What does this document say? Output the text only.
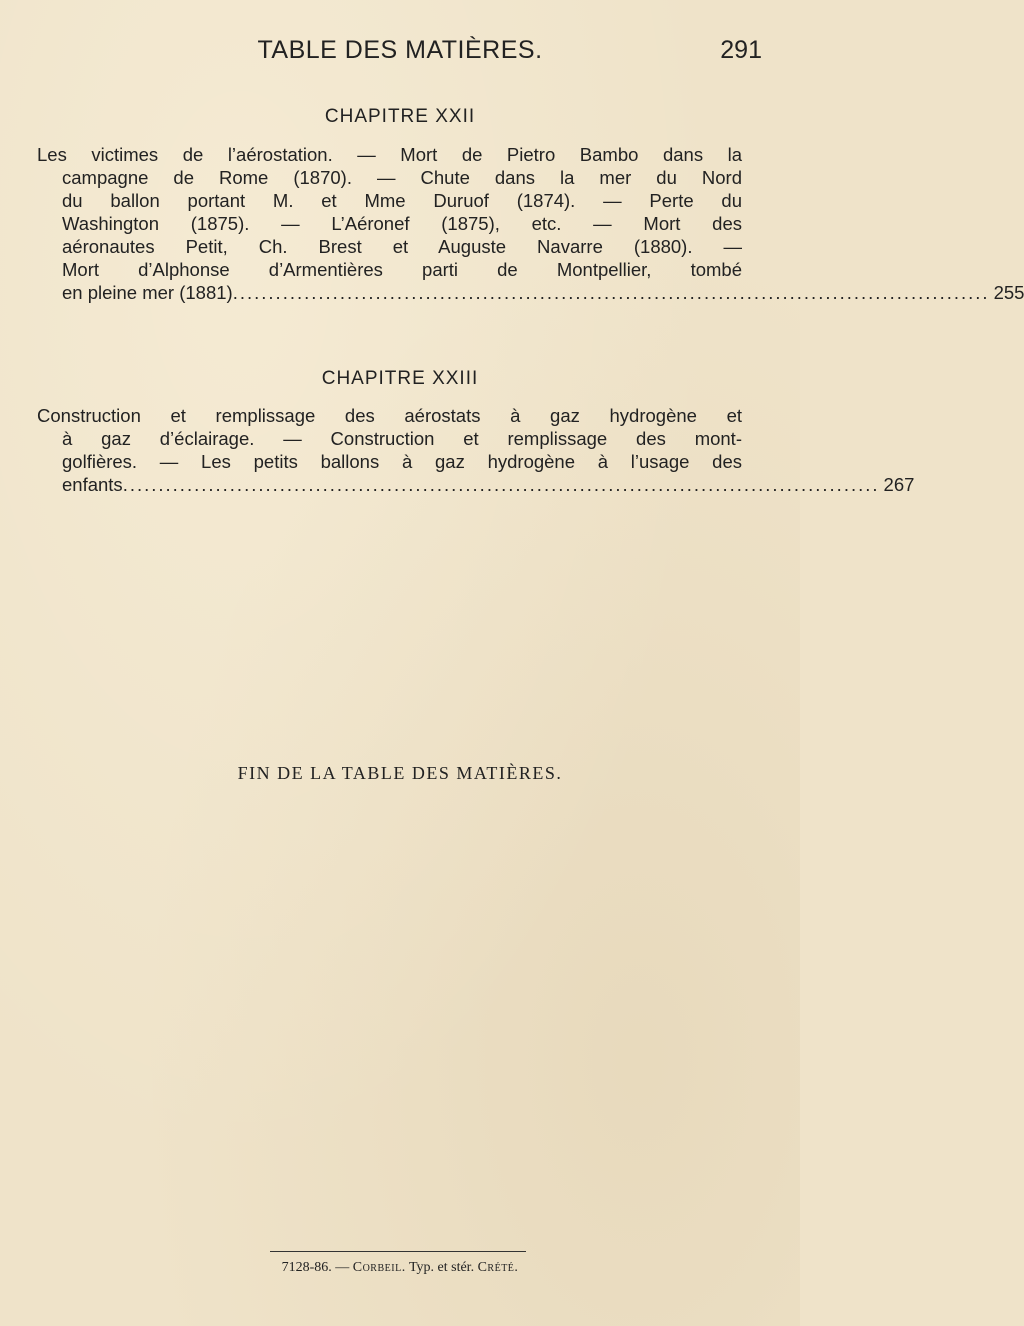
TABLE DES MATIÈRES.	291
CHAPITRE XXII
Les victimes de l’aérostation. — Mort de Pietro Bambo dans la
campagne de Rome (1870). — Chute dans la mer du Nord
du ballon portant M. et Mme Duruof (1874). — Perte du
Washington (1875). — L’Aéronef (1875), etc. — Mort des
aéronautes Petit, Ch. Brest et Auguste Navarre (1880). —
Mort d’Alphonse d’Armentières parti de Montpellier, tombé
en pleine mer (1881) .......................................................................................................... 255
CHAPITRE XXIII
Construction et remplissage des aérostats à gaz hydrogène et
à gaz d’éclairage. — Construction et remplissage des mont-
golfières. — Les petits ballons à gaz hydrogène à l’usage des
enfants .......................................................................................................... 267
FIN DE LA TABLE DES MATIÈRES.
7128-86. — Corbeil. Typ. et stér. Crété.
